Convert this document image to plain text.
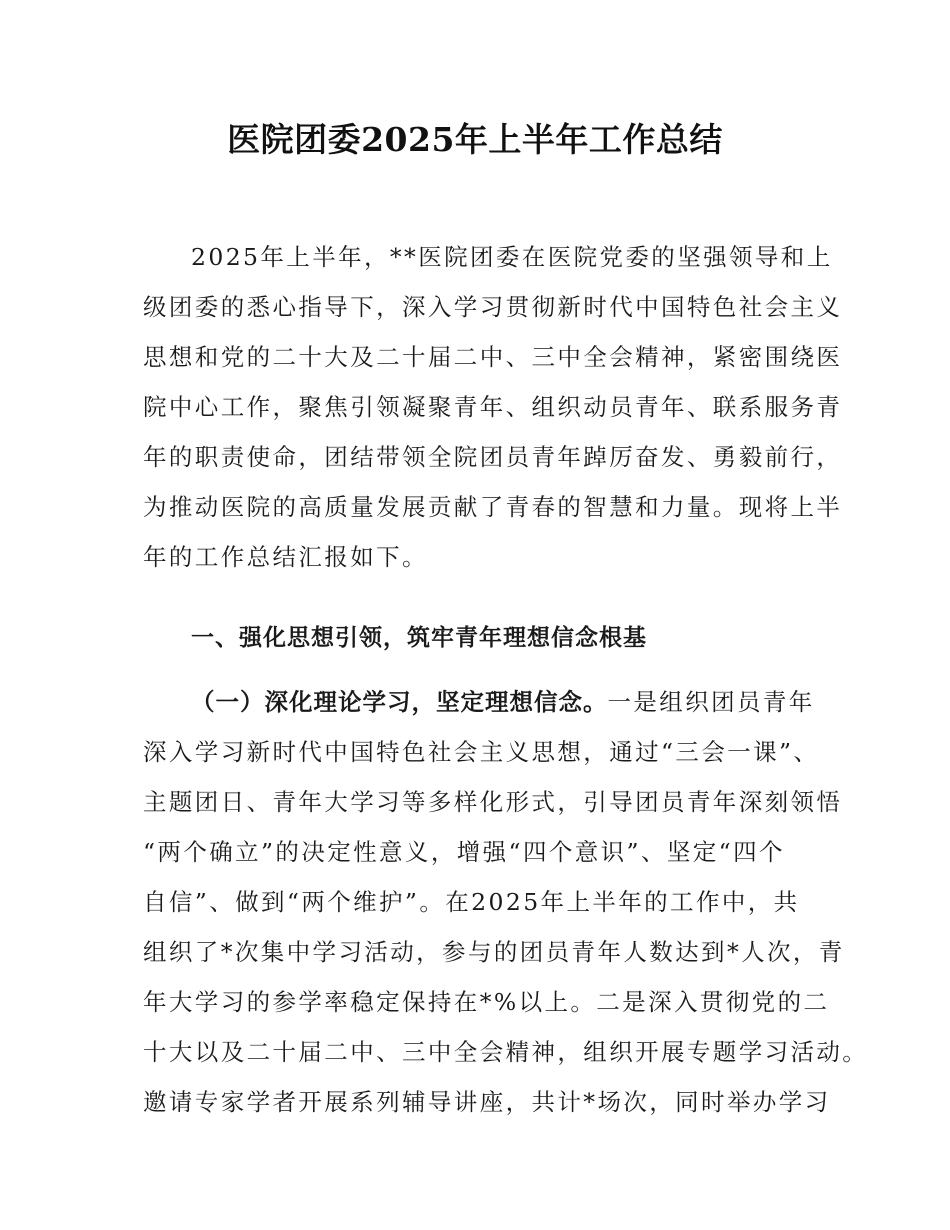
医院团委2025年上半年工作总结
2025年上半年，**医院团委在医院党委的坚强领导和上
级团委的悉心指导下，深入学习贯彻新时代中国特色社会主义
思想和党的二十大及二十届二中、三中全会精神，紧密围绕医
院中心工作，聚焦引领凝聚青年、组织动员青年、联系服务青
年的职责使命，团结带领全院团员青年踔厉奋发、勇毅前行，
为推动医院的高质量发展贡献了青春的智慧和力量。现将上半
年的工作总结汇报如下。
一、强化思想引领，筑牢青年理想信念根基
（一）深化理论学习，坚定理想信念。一是组织团员青年
深入学习新时代中国特色社会主义思想，通过“三会一课”、
主题团日、青年大学习等多样化形式，引导团员青年深刻领悟
“两个确立”的决定性意义，增强“四个意识”、坚定“四个
自信”、做到“两个维护”。在2025年上半年的工作中，共
组织了*次集中学习活动，参与的团员青年人数达到*人次，青
年大学习的参学率稳定保持在*%以上。二是深入贯彻党的二
十大以及二十届二中、三中全会精神，组织开展专题学习活动。
邀请专家学者开展系列辅导讲座，共计*场次，同时举办学习
